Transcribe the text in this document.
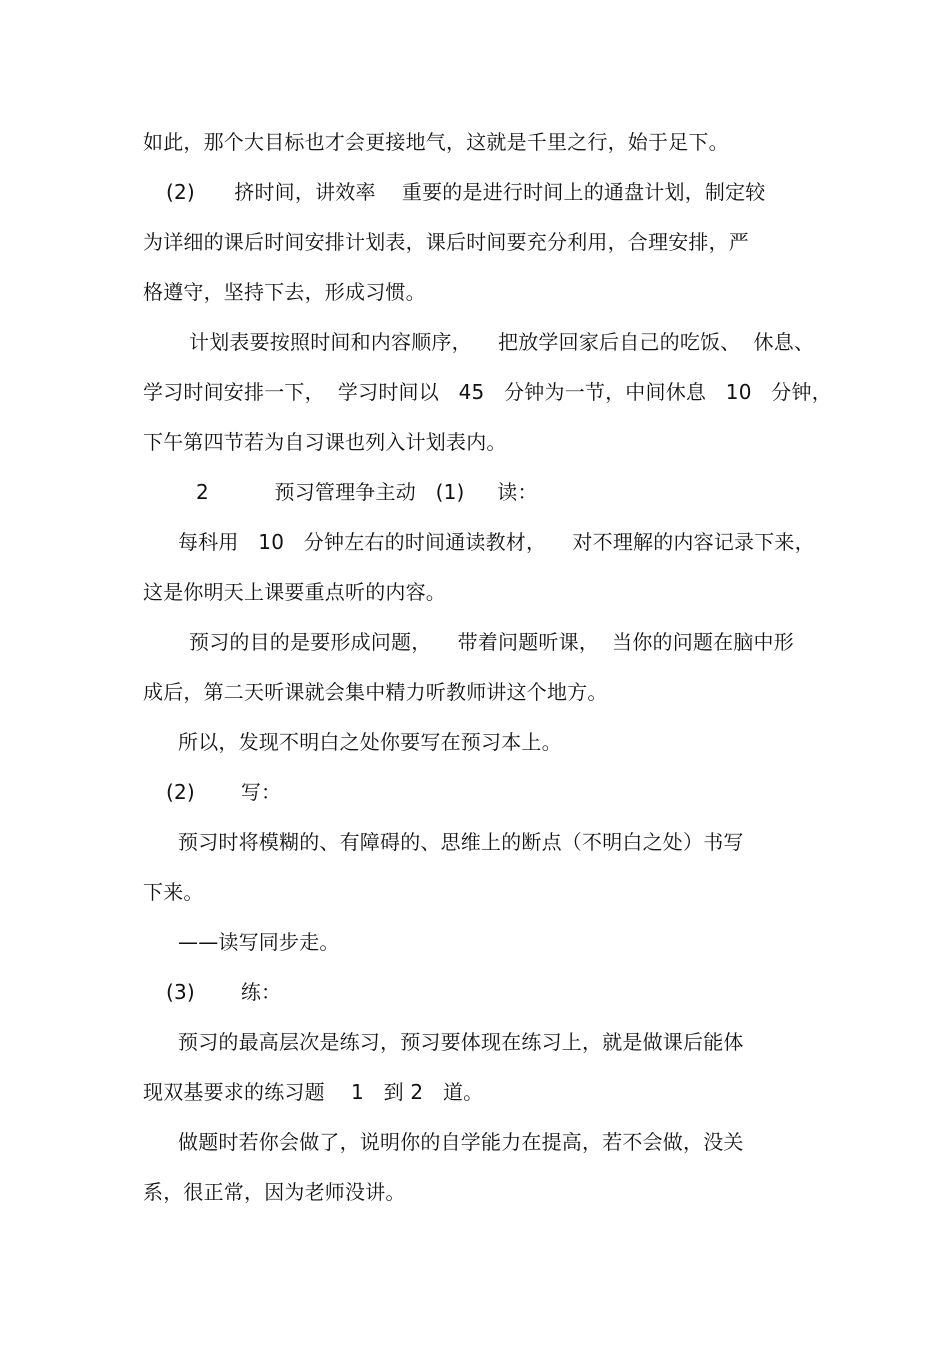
如此，那个大目标也才会更接地气，这就是千里之行，始于足下。
(2)      挤时间，讲效率    重要的是进行时间上的通盘计划，制定较
为详细的课后时间安排计划表，课后时间要充分利用，合理安排，严
格遵守，坚持下去，形成习惯。
计划表要按照时间和内容顺序，    把放学回家后自己的吃饭、  休息、
学习时间安排一下，  学习时间以   45   分钟为一节，中间休息   10   分钟，
下午第四节若为自习课也列入计划表内。
2          预习管理争主动   (1)     读：
每科用   10   分钟左右的时间通读教材，    对不理解的内容记录下来，
这是你明天上课要重点听的内容。
预习的目的是要形成问题，    带着问题听课，  当你的问题在脑中形
成后，第二天听课就会集中精力听教师讲这个地方。
所以，发现不明白之处你要写在预习本上。
(2)       写：
预习时将模糊的、有障碍的、思维上的断点（不明白之处）书写
下来。
——读写同步走。
(3)       练：
预习的最高层次是练习，预习要体现在练习上，就是做课后能体
现双基要求的练习题    1   到 2   道。
做题时若你会做了，说明你的自学能力在提高，若不会做，没关
系，很正常，因为老师没讲。
